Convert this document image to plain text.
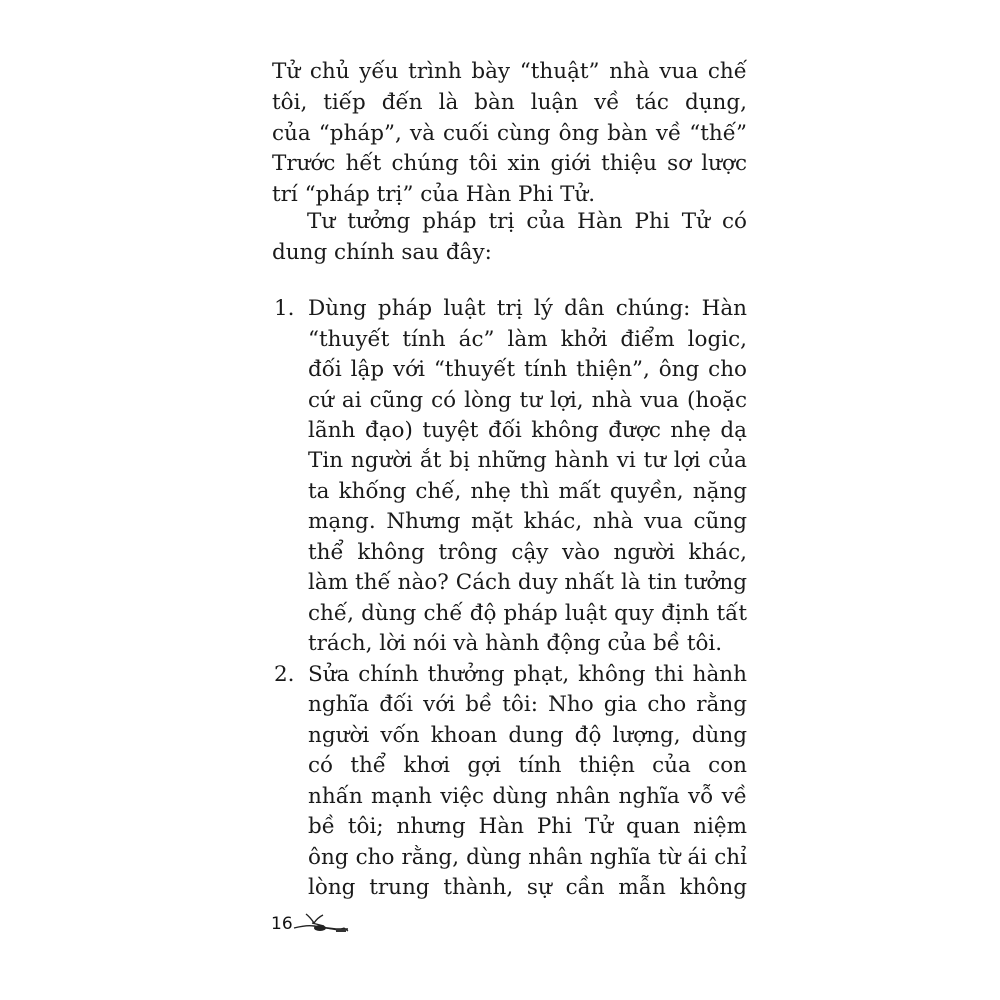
Tử chủ yếu trình bày “thuật” nhà vua chế
tôi, tiếp đến là bàn luận về tác dụng,
của “pháp”, và cuối cùng ông bàn về “thế”
Trước hết chúng tôi xin giới thiệu sơ lược
trí “pháp trị” của Hàn Phi Tử.
Tư tưởng pháp trị của Hàn Phi Tử có
dung chính sau đây:
1. Dùng pháp luật trị lý dân chúng: Hàn
“thuyết tính ác” làm khởi điểm logic,
đối lập với “thuyết tính thiện”, ông cho
cứ ai cũng có lòng tư lợi, nhà vua (hoặc
lãnh đạo) tuyệt đối không được nhẹ dạ
Tin người ắt bị những hành vi tư lợi của
ta khống chế, nhẹ thì mất quyền, nặng
mạng. Nhưng mặt khác, nhà vua cũng
thể không trông cậy vào người khác,
làm thế nào? Cách duy nhất là tin tưởng
chế, dùng chế độ pháp luật quy định tất
trách, lời nói và hành động của bề tôi.
2. Sửa chính thưởng phạt, không thi hành
nghĩa đối với bề tôi: Nho gia cho rằng
người vốn khoan dung độ lượng, dùng
có thể khơi gợi tính thiện của con
nhấn mạnh việc dùng nhân nghĩa vỗ về
bề tôi; nhưng Hàn Phi Tử quan niệm
ông cho rằng, dùng nhân nghĩa từ ái chỉ
lòng trung thành, sự cần mẫn không
16
